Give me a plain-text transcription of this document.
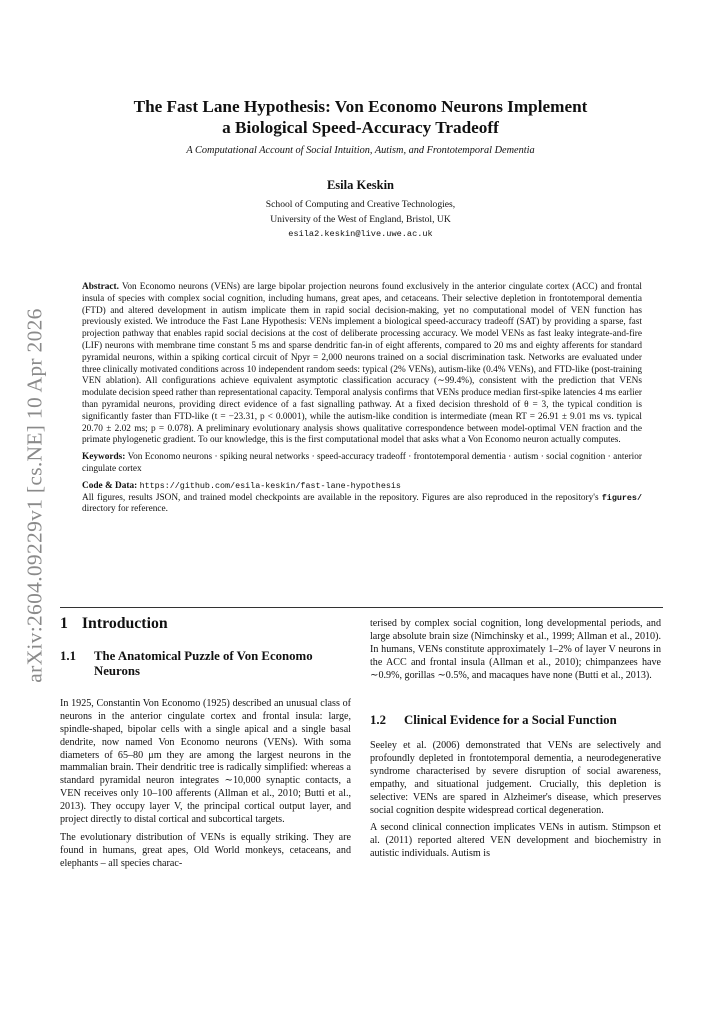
arXiv:2604.09229v1 [cs.NE] 10 Apr 2026
The Fast Lane Hypothesis: Von Economo Neurons Implement
a Biological Speed-Accuracy Tradeoff
A Computational Account of Social Intuition, Autism, and Frontotemporal Dementia
Esila Keskin
School of Computing and Creative Technologies,
University of the West of England, Bristol, UK
esila2.keskin@live.uwe.ac.uk

Abstract. Von Economo neurons (VENs) are large bipolar projection neurons found exclusively in the anterior cingulate cortex (ACC) and frontal insula of species with complex social cognition, including humans, great apes, and cetaceans. Their selective depletion in frontotemporal dementia (FTD) and altered development in autism implicate them in rapid social decision-making, yet no computational model of VEN function has previously existed. We introduce the Fast Lane Hypothesis: VENs implement a biological speed-accuracy tradeoff (SAT) by providing a sparse, fast projection pathway that enables rapid social decisions at the cost of deliberate processing accuracy. We model VENs as fast leaky integrate-and-fire (LIF) neurons with membrane time constant 5 ms and sparse dendritic fan-in of eight afferents, compared to 20 ms and eighty afferents for standard pyramidal neurons, within a spiking cortical circuit of Npyr = 2,000 neurons trained on a social discrimination task. Networks are evaluated under three clinically motivated conditions across 10 independent random seeds: typical (2% VENs), autism-like (0.4% VENs), and FTD-like (post-training VEN ablation). All configurations achieve equivalent asymptotic classification accuracy (∼99.4%), consistent with the prediction that VENs modulate decision speed rather than representational capacity. Temporal analysis confirms that VENs produce median first-spike latencies 4 ms earlier than pyramidal neurons, providing direct evidence of a fast signalling pathway. At a fixed decision threshold of θ = 3, the typical condition is significantly faster than FTD-like (t = −23.31, p < 0.0001), while the autism-like condition is intermediate (mean RT = 26.91 ± 9.01 ms vs. typical 20.70 ± 2.02 ms; p = 0.078). A preliminary evolutionary analysis shows qualitative correspondence between model-optimal VEN fraction and the primate phylogenetic gradient. To our knowledge, this is the first computational model that asks what a Von Economo neuron actually computes.

Keywords: Von Economo neurons · spiking neural networks · speed-accuracy tradeoff · frontotemporal dementia · autism · social cognition · anterior cingulate cortex

Code & Data: https://github.com/esila-keskin/fast-lane-hypothesis
All figures, results JSON, and trained model checkpoints are available in the repository. Figures are also reproduced in the repository's figures/ directory for reference.

1 Introduction
1.1	The Anatomical Puzzle of Von Economo Neurons

In 1925, Constantin Von Economo (1925) described an unusual class of neurons in the anterior cingulate cortex and frontal insula: large, spindle-shaped, bipolar cells with a single apical and a single basal dendrite, now named Von Economo neurons (VENs). With soma diameters of 65–80 μm they are among the largest neurons in the mammalian brain. Their dendritic tree is radically simplified: whereas a standard pyramidal neuron integrates ∼10,000 synaptic contacts, a VEN receives only 10–100 afferents (Allman et al., 2010; Butti et al., 2013). They occupy layer V, the principal cortical output layer, and project directly to distal cortical and subcortical targets.

The evolutionary distribution of VENs is equally striking. They are found in humans, great apes, Old World monkeys, cetaceans, and elephants – all species charac-

terised by complex social cognition, long developmental periods, and large absolute brain size (Nimchinsky et al., 1999; Allman et al., 2010). In humans, VENs constitute approximately 1–2% of layer V neurons in the ACC and frontal insula (Allman et al., 2010); chimpanzees have ∼0.9%, gorillas ∼0.5%, and macaques have none (Butti et al., 2013).

1.2	Clinical Evidence for a Social Function

Seeley et al. (2006) demonstrated that VENs are selectively and profoundly depleted in frontotemporal dementia, a neurodegenerative syndrome characterised by severe disruption of social awareness, empathy, and situational judgement. Crucially, this depletion is selective: VENs are spared in Alzheimer's disease, which preserves social cognition despite widespread cortical degeneration.

A second clinical connection implicates VENs in autism. Stimpson et al. (2011) reported altered VEN development and biochemistry in autistic individuals. Autism is
